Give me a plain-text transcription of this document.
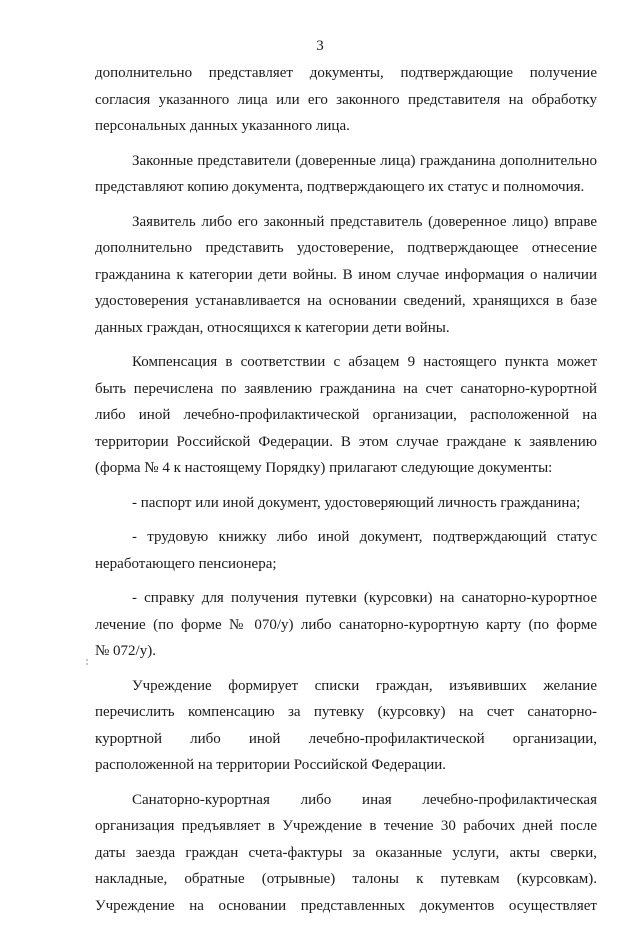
3
дополнительно представляет документы, подтверждающие получение
согласия указанного лица или его законного представителя на обработку
персональных данных указанного лица.
Законные представители (доверенные лица) гражданина дополнительно
представляют копию документа, подтверждающего их статус и полномочия.
Заявитель либо его законный представитель (доверенное лицо) вправе
дополнительно представить удостоверение, подтверждающее отнесение
гражданина к категории дети войны. В ином случае информация о наличии
удостоверения устанавливается на основании сведений, хранящихся в базе
данных граждан, относящихся к категории дети войны.
Компенсация в соответствии с абзацем 9 настоящего пункта может
быть перечислена по заявлению гражданина на счет санаторно-курортной
либо иной лечебно-профилактической организации, расположенной на
территории Российской Федерации. В этом случае граждане к заявлению
(форма № 4 к настоящему Порядку) прилагают следующие документы:
- паспорт или иной документ, удостоверяющий личность гражданина;
- трудовую книжку либо иной документ, подтверждающий статус
неработающего пенсионера;
- справку для получения путевки (курсовки) на санаторно-курортное
лечение (по форме № 070/у) либо санаторно-курортную карту (по форме
№ 072/у).
Учреждение формирует списки граждан, изъявивших желание
перечислить компенсацию за путевку (курсовку) на счет санаторно-
курортной либо иной лечебно-профилактической организации,
расположенной на территории Российской Федерации.
Санаторно-курортная либо иная лечебно-профилактическая
организация предъявляет в Учреждение в течение 30 рабочих дней после
даты заезда граждан счета-фактуры за оказанные услуги, акты сверки,
накладные, обратные (отрывные) талоны к путевкам (курсовкам).
Учреждение на основании представленных документов осуществляет
